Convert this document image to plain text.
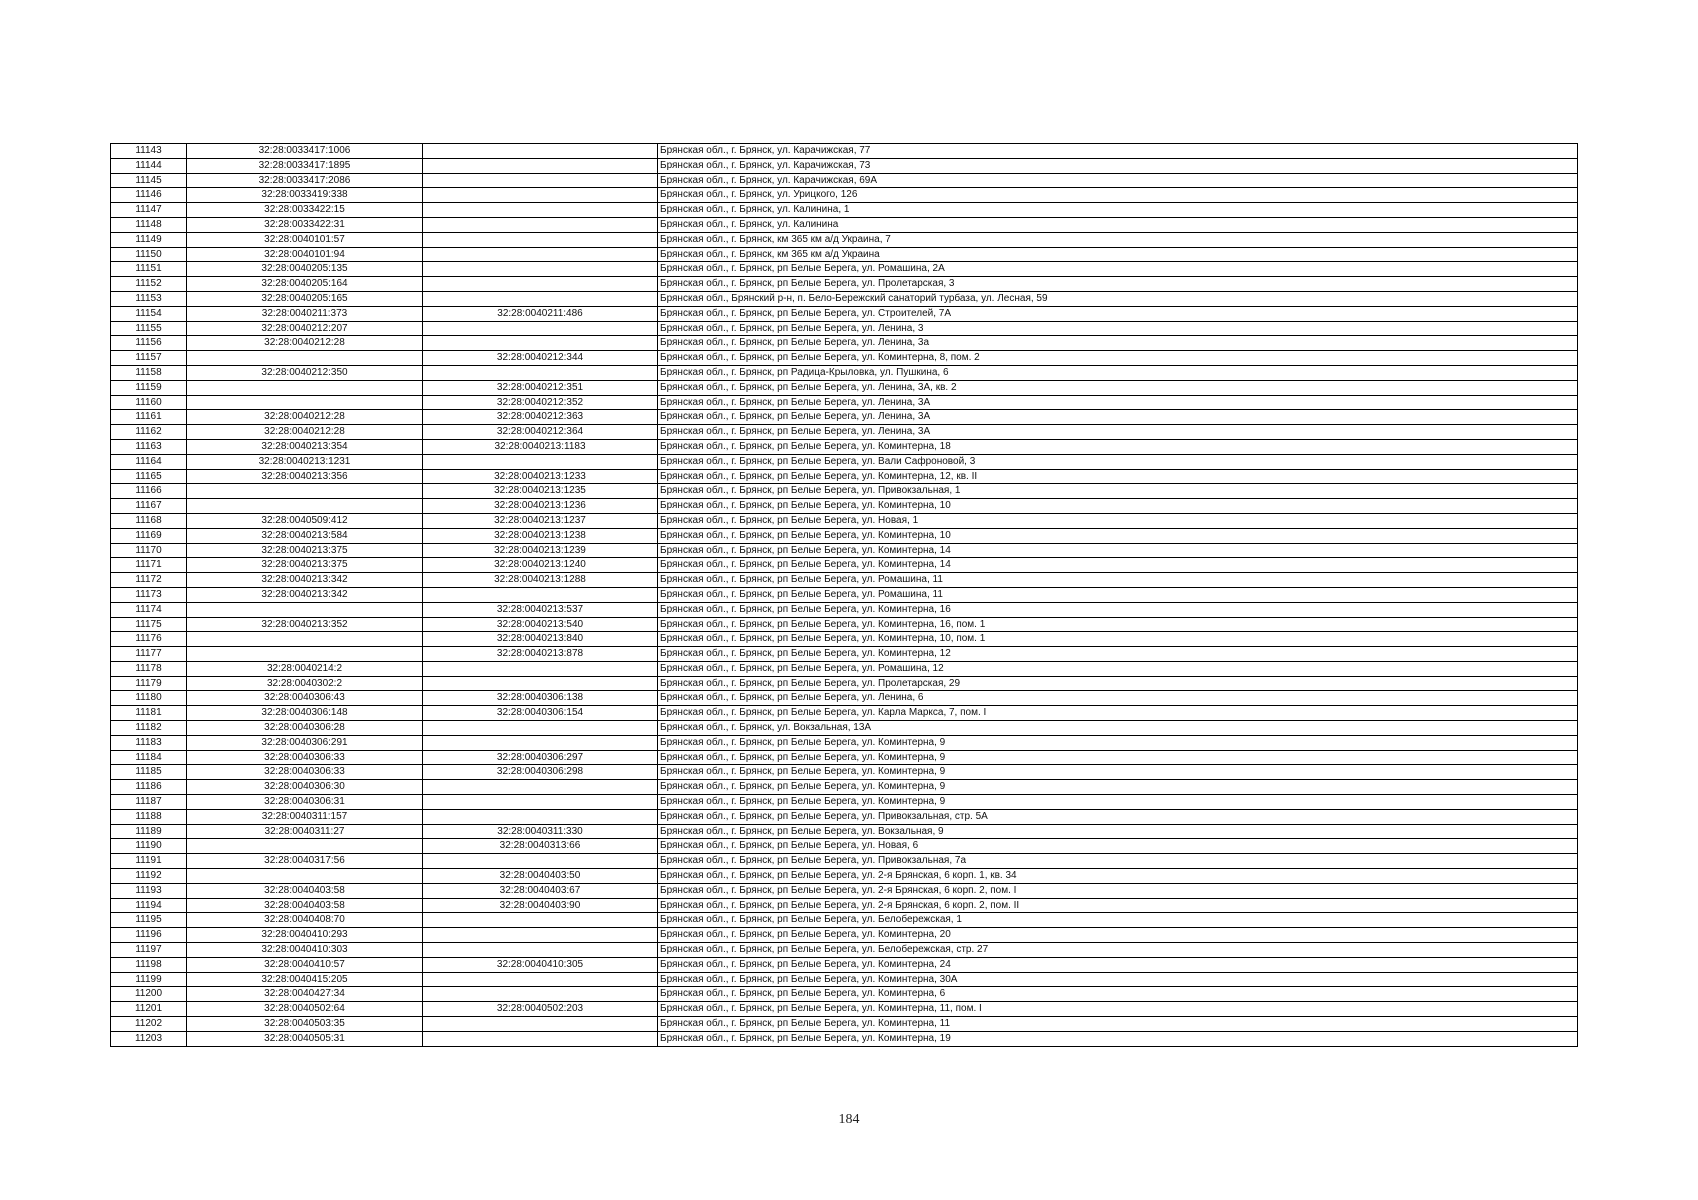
11143	32:28:0033417:1006		Брянская обл., г. Брянск, ул. Карачижская, 77
11144	32:28:0033417:1895		Брянская обл., г. Брянск, ул. Карачижская, 73
11145	32:28:0033417:2086		Брянская обл., г. Брянск, ул. Карачижская, 69А
11146	32:28:0033419:338		Брянская обл., г. Брянск, ул. Урицкого, 126
11147	32:28:0033422:15		Брянская обл., г. Брянск, ул. Калинина, 1
11148	32:28:0033422:31		Брянская обл., г. Брянск, ул. Калинина
11149	32:28:0040101:57		Брянская обл., г. Брянск, км 365 км а/д Украина, 7
11150	32:28:0040101:94		Брянская обл., г. Брянск, км 365 км а/д Украина
11151	32:28:0040205:135		Брянская обл., г. Брянск, рп Белые Берега, ул. Ромашина, 2А
11152	32:28:0040205:164		Брянская обл., г. Брянск, рп Белые Берега, ул. Пролетарская, 3
11153	32:28:0040205:165		Брянская обл., Брянский р-н, п. Бело-Бережский санаторий турбаза, ул. Лесная, 59
11154	32:28:0040211:373	32:28:0040211:486	Брянская обл., г. Брянск, рп Белые Берега, ул. Строителей, 7А
11155	32:28:0040212:207		Брянская обл., г. Брянск, рп Белые Берега, ул. Ленина, 3
11156	32:28:0040212:28		Брянская обл., г. Брянск, рп Белые Берега, ул. Ленина, 3а
11157		32:28:0040212:344	Брянская обл., г. Брянск, рп Белые Берега, ул. Коминтерна, 8, пом. 2
11158	32:28:0040212:350		Брянская обл., г. Брянск, рп Радица-Крыловка, ул. Пушкина, 6
11159		32:28:0040212:351	Брянская обл., г. Брянск, рп Белые Берега, ул. Ленина, 3А, кв. 2
11160		32:28:0040212:352	Брянская обл., г. Брянск, рп Белые Берега, ул. Ленина, 3А
11161	32:28:0040212:28	32:28:0040212:363	Брянская обл., г. Брянск, рп Белые Берега, ул. Ленина, 3А
11162	32:28:0040212:28	32:28:0040212:364	Брянская обл., г. Брянск, рп Белые Берега, ул. Ленина, 3А
11163	32:28:0040213:354	32:28:0040213:1183	Брянская обл., г. Брянск, рп Белые Берега, ул. Коминтерна, 18
11164	32:28:0040213:1231		Брянская обл., г. Брянск, рп Белые Берега, ул. Вали Сафроновой, 3
11165	32:28:0040213:356	32:28:0040213:1233	Брянская обл., г. Брянск, рп Белые Берега, ул. Коминтерна, 12, кв. II
11166		32:28:0040213:1235	Брянская обл., г. Брянск, рп Белые Берега, ул. Привокзальная, 1
11167		32:28:0040213:1236	Брянская обл., г. Брянск, рп Белые Берега, ул. Коминтерна, 10
11168	32:28:0040509:412	32:28:0040213:1237	Брянская обл., г. Брянск, рп Белые Берега, ул. Новая, 1
11169	32:28:0040213:584	32:28:0040213:1238	Брянская обл., г. Брянск, рп Белые Берега, ул. Коминтерна, 10
11170	32:28:0040213:375	32:28:0040213:1239	Брянская обл., г. Брянск, рп Белые Берега, ул. Коминтерна, 14
11171	32:28:0040213:375	32:28:0040213:1240	Брянская обл., г. Брянск, рп Белые Берега, ул. Коминтерна, 14
11172	32:28:0040213:342	32:28:0040213:1288	Брянская обл., г. Брянск, рп Белые Берега, ул. Ромашина, 11
11173	32:28:0040213:342		Брянская обл., г. Брянск, рп Белые Берега, ул. Ромашина, 11
11174		32:28:0040213:537	Брянская обл., г. Брянск, рп Белые Берега, ул. Коминтерна, 16
11175	32:28:0040213:352	32:28:0040213:540	Брянская обл., г. Брянск, рп Белые Берега, ул. Коминтерна, 16, пом. 1
11176		32:28:0040213:840	Брянская обл., г. Брянск, рп Белые Берега, ул. Коминтерна, 10, пом. 1
11177		32:28:0040213:878	Брянская обл., г. Брянск, рп Белые Берега, ул. Коминтерна, 12
11178	32:28:0040214:2		Брянская обл., г. Брянск, рп Белые Берега, ул. Ромашина, 12
11179	32:28:0040302:2		Брянская обл., г. Брянск, рп Белые Берега, ул. Пролетарская, 29
11180	32:28:0040306:43	32:28:0040306:138	Брянская обл., г. Брянск, рп Белые Берега, ул. Ленина, 6
11181	32:28:0040306:148	32:28:0040306:154	Брянская обл., г. Брянск, рп Белые Берега, ул. Карла Маркса, 7, пом. I
11182	32:28:0040306:28		Брянская обл., г. Брянск, ул. Вокзальная, 13А
11183	32:28:0040306:291		Брянская обл., г. Брянск, рп Белые Берега, ул. Коминтерна, 9
11184	32:28:0040306:33	32:28:0040306:297	Брянская обл., г. Брянск, рп Белые Берега, ул. Коминтерна, 9
11185	32:28:0040306:33	32:28:0040306:298	Брянская обл., г. Брянск, рп Белые Берега, ул. Коминтерна, 9
11186	32:28:0040306:30		Брянская обл., г. Брянск, рп Белые Берега, ул. Коминтерна, 9
11187	32:28:0040306:31		Брянская обл., г. Брянск, рп Белые Берега, ул. Коминтерна, 9
11188	32:28:0040311:157		Брянская обл., г. Брянск, рп Белые Берега, ул. Привокзальная, стр. 5А
11189	32:28:0040311:27	32:28:0040311:330	Брянская обл., г. Брянск, рп Белые Берега, ул. Вокзальная, 9
11190		32:28:0040313:66	Брянская обл., г. Брянск, рп Белые Берега, ул. Новая, 6
11191	32:28:0040317:56		Брянская обл., г. Брянск, рп Белые Берега, ул. Привокзальная, 7а
11192		32:28:0040403:50	Брянская обл., г. Брянск, рп Белые Берега, ул. 2-я Брянская, 6 корп. 1, кв. 34
11193	32:28:0040403:58	32:28:0040403:67	Брянская обл., г. Брянск, рп Белые Берега, ул. 2-я Брянская, 6 корп. 2, пом. I
11194	32:28:0040403:58	32:28:0040403:90	Брянская обл., г. Брянск, рп Белые Берега, ул. 2-я Брянская, 6 корп. 2, пом. II
11195	32:28:0040408:70		Брянская обл., г. Брянск, рп Белые Берега, ул. Белобережская, 1
11196	32:28:0040410:293		Брянская обл., г. Брянск, рп Белые Берега, ул. Коминтерна, 20
11197	32:28:0040410:303		Брянская обл., г. Брянск, рп Белые Берега, ул. Белобережская, стр. 27
11198	32:28:0040410:57	32:28:0040410:305	Брянская обл., г. Брянск, рп Белые Берега, ул. Коминтерна, 24
11199	32:28:0040415:205		Брянская обл., г. Брянск, рп Белые Берега, ул. Коминтерна, 30А
11200	32:28:0040427:34		Брянская обл., г. Брянск, рп Белые Берега, ул. Коминтерна, 6
11201	32:28:0040502:64	32:28:0040502:203	Брянская обл., г. Брянск, рп Белые Берега, ул. Коминтерна, 11, пом. I
11202	32:28:0040503:35		Брянская обл., г. Брянск, рп Белые Берега, ул. Коминтерна, 11
11203	32:28:0040505:31		Брянская обл., г. Брянск, рп Белые Берега, ул. Коминтерна, 19
184
